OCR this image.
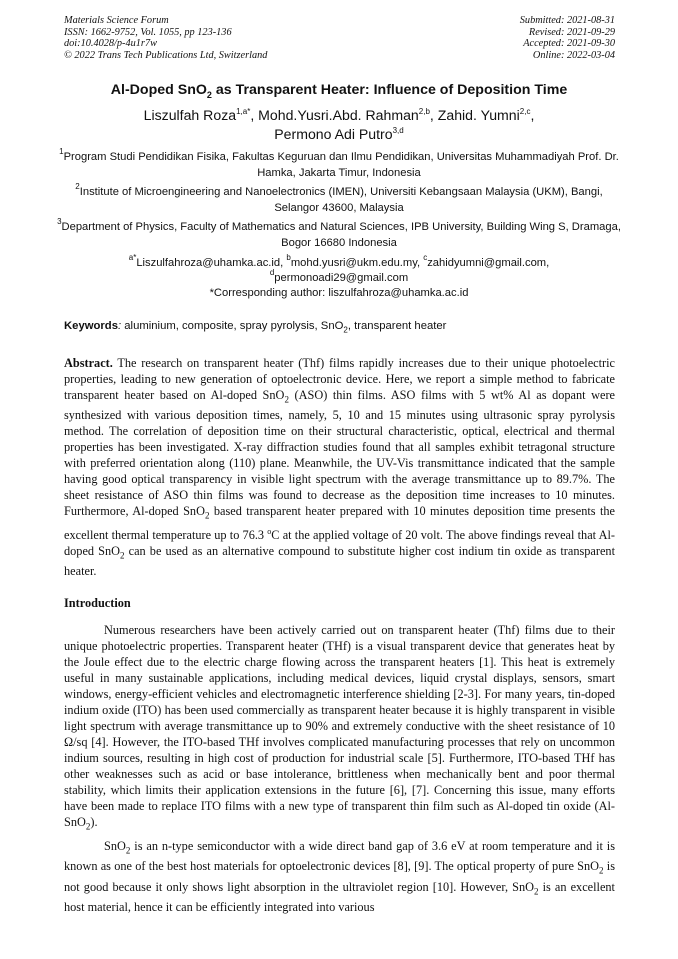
Materials Science Forum
ISSN: 1662-9752, Vol. 1055, pp 123-136
doi:10.4028/p-4u1r7w
© 2022 Trans Tech Publications Ltd, Switzerland
Submitted: 2021-08-31
Revised: 2021-09-29
Accepted: 2021-09-30
Online: 2022-03-04
Al-Doped SnO$_2$ as Transparent Heater: Influence of Deposition Time
Liszulfah Roza$^{1,a*}$, Mohd.Yusri.Abd. Rahman$^{2,b}$, Zahid. Yumni$^{2,c}$,
Permono Adi Putro$^{3,d}$
$^1$Program Studi Pendidikan Fisika, Fakultas Keguruan dan Ilmu Pendidikan, Universitas Muhammadiyah Prof. Dr. Hamka, Jakarta Timur, Indonesia
$^2$Institute of Microengineering and Nanoelectronics (IMEN), Universiti Kebangsaan Malaysia (UKM), Bangi, Selangor 43600, Malaysia
$^3$Department of Physics, Faculty of Mathematics and Natural Sciences, IPB University, Building Wing S, Dramaga, Bogor 16680 Indonesia
$^{a*}$Liszulfahroza@uhamka.ac.id, $^b$mohd.yusri@ukm.edu.my, $^c$zahidyumni@gmail.com,
$^d$permonoadi29@gmail.com
*Corresponding author: liszulfahroza@uhamka.ac.id
Keywords: aluminium, composite, spray pyrolysis, SnO$_2$, transparent heater
Abstract. The research on transparent heater (Thf) films rapidly increases due to their unique photoelectric properties, leading to new generation of optoelectronic device. Here, we report a simple method to fabricate transparent heater based on Al-doped SnO$_2$ (ASO) thin films. ASO films with 5 wt% Al as dopant were synthesized with various deposition times, namely, 5, 10 and 15 minutes using ultrasonic spray pyrolysis method. The correlation of deposition time on their structural characteristic, optical, electrical and thermal properties has been investigated. X-ray diffraction studies found that all samples exhibit tetragonal structure with preferred orientation along (110) plane. Meanwhile, the UV-Vis transmittance indicated that the sample having good optical transparency in visible light spectrum with the average transmittance up to 89.7%. The sheet resistance of ASO thin films was found to decrease as the deposition time increases to 10 minutes. Furthermore, Al-doped SnO$_2$ based transparent heater prepared with 10 minutes deposition time presents the excellent thermal temperature up to 76.3 $^o$C at the applied voltage of 20 volt. The above findings reveal that Al-doped SnO$_2$ can be used as an alternative compound to substitute higher cost indium tin oxide as transparent heater.
Introduction

Numerous researchers have been actively carried out on transparent heater (Thf) films due to their unique photoelectric properties. Transparent heater (THf) is a visual transparent device that generates heat by the Joule effect due to the electric charge flowing across the transparent heaters [1]. This heat is extremely useful in many sustainable applications, including medical devices, liquid crystal displays, sensors, smart windows, energy-efficient vehicles and electromagnetic interference shielding [2-3]. For many years, tin-doped indium oxide (ITO) has been used commercially as transparent heater because it is highly transparent in visible light spectrum with average transmittance up to 90% and extremely conductive with the sheet resistance of 10 Ω/sq [4]. However, the ITO-based THf involves complicated manufacturing processes that rely on uncommon indium sources, resulting in high cost of production for industrial scale [5]. Furthermore, ITO-based THf has other weaknesses such as acid or base intolerance, brittleness when mechanically bent and poor thermal stability, which limits their application extensions in the future [6], [7]. Concerning this issue, many efforts have been made to replace ITO films with a new type of transparent thin film such as Al-doped tin oxide (Al-SnO$_2$).

SnO$_2$ is an n-type semiconductor with a wide direct band gap of 3.6 eV at room temperature and it is known as one of the best host materials for optoelectronic devices [8], [9]. The optical property of pure SnO$_2$ is not good because it only shows light absorption in the ultraviolet region [10]. However, SnO$_2$ is an excellent host material, hence it can be efficiently integrated into various
